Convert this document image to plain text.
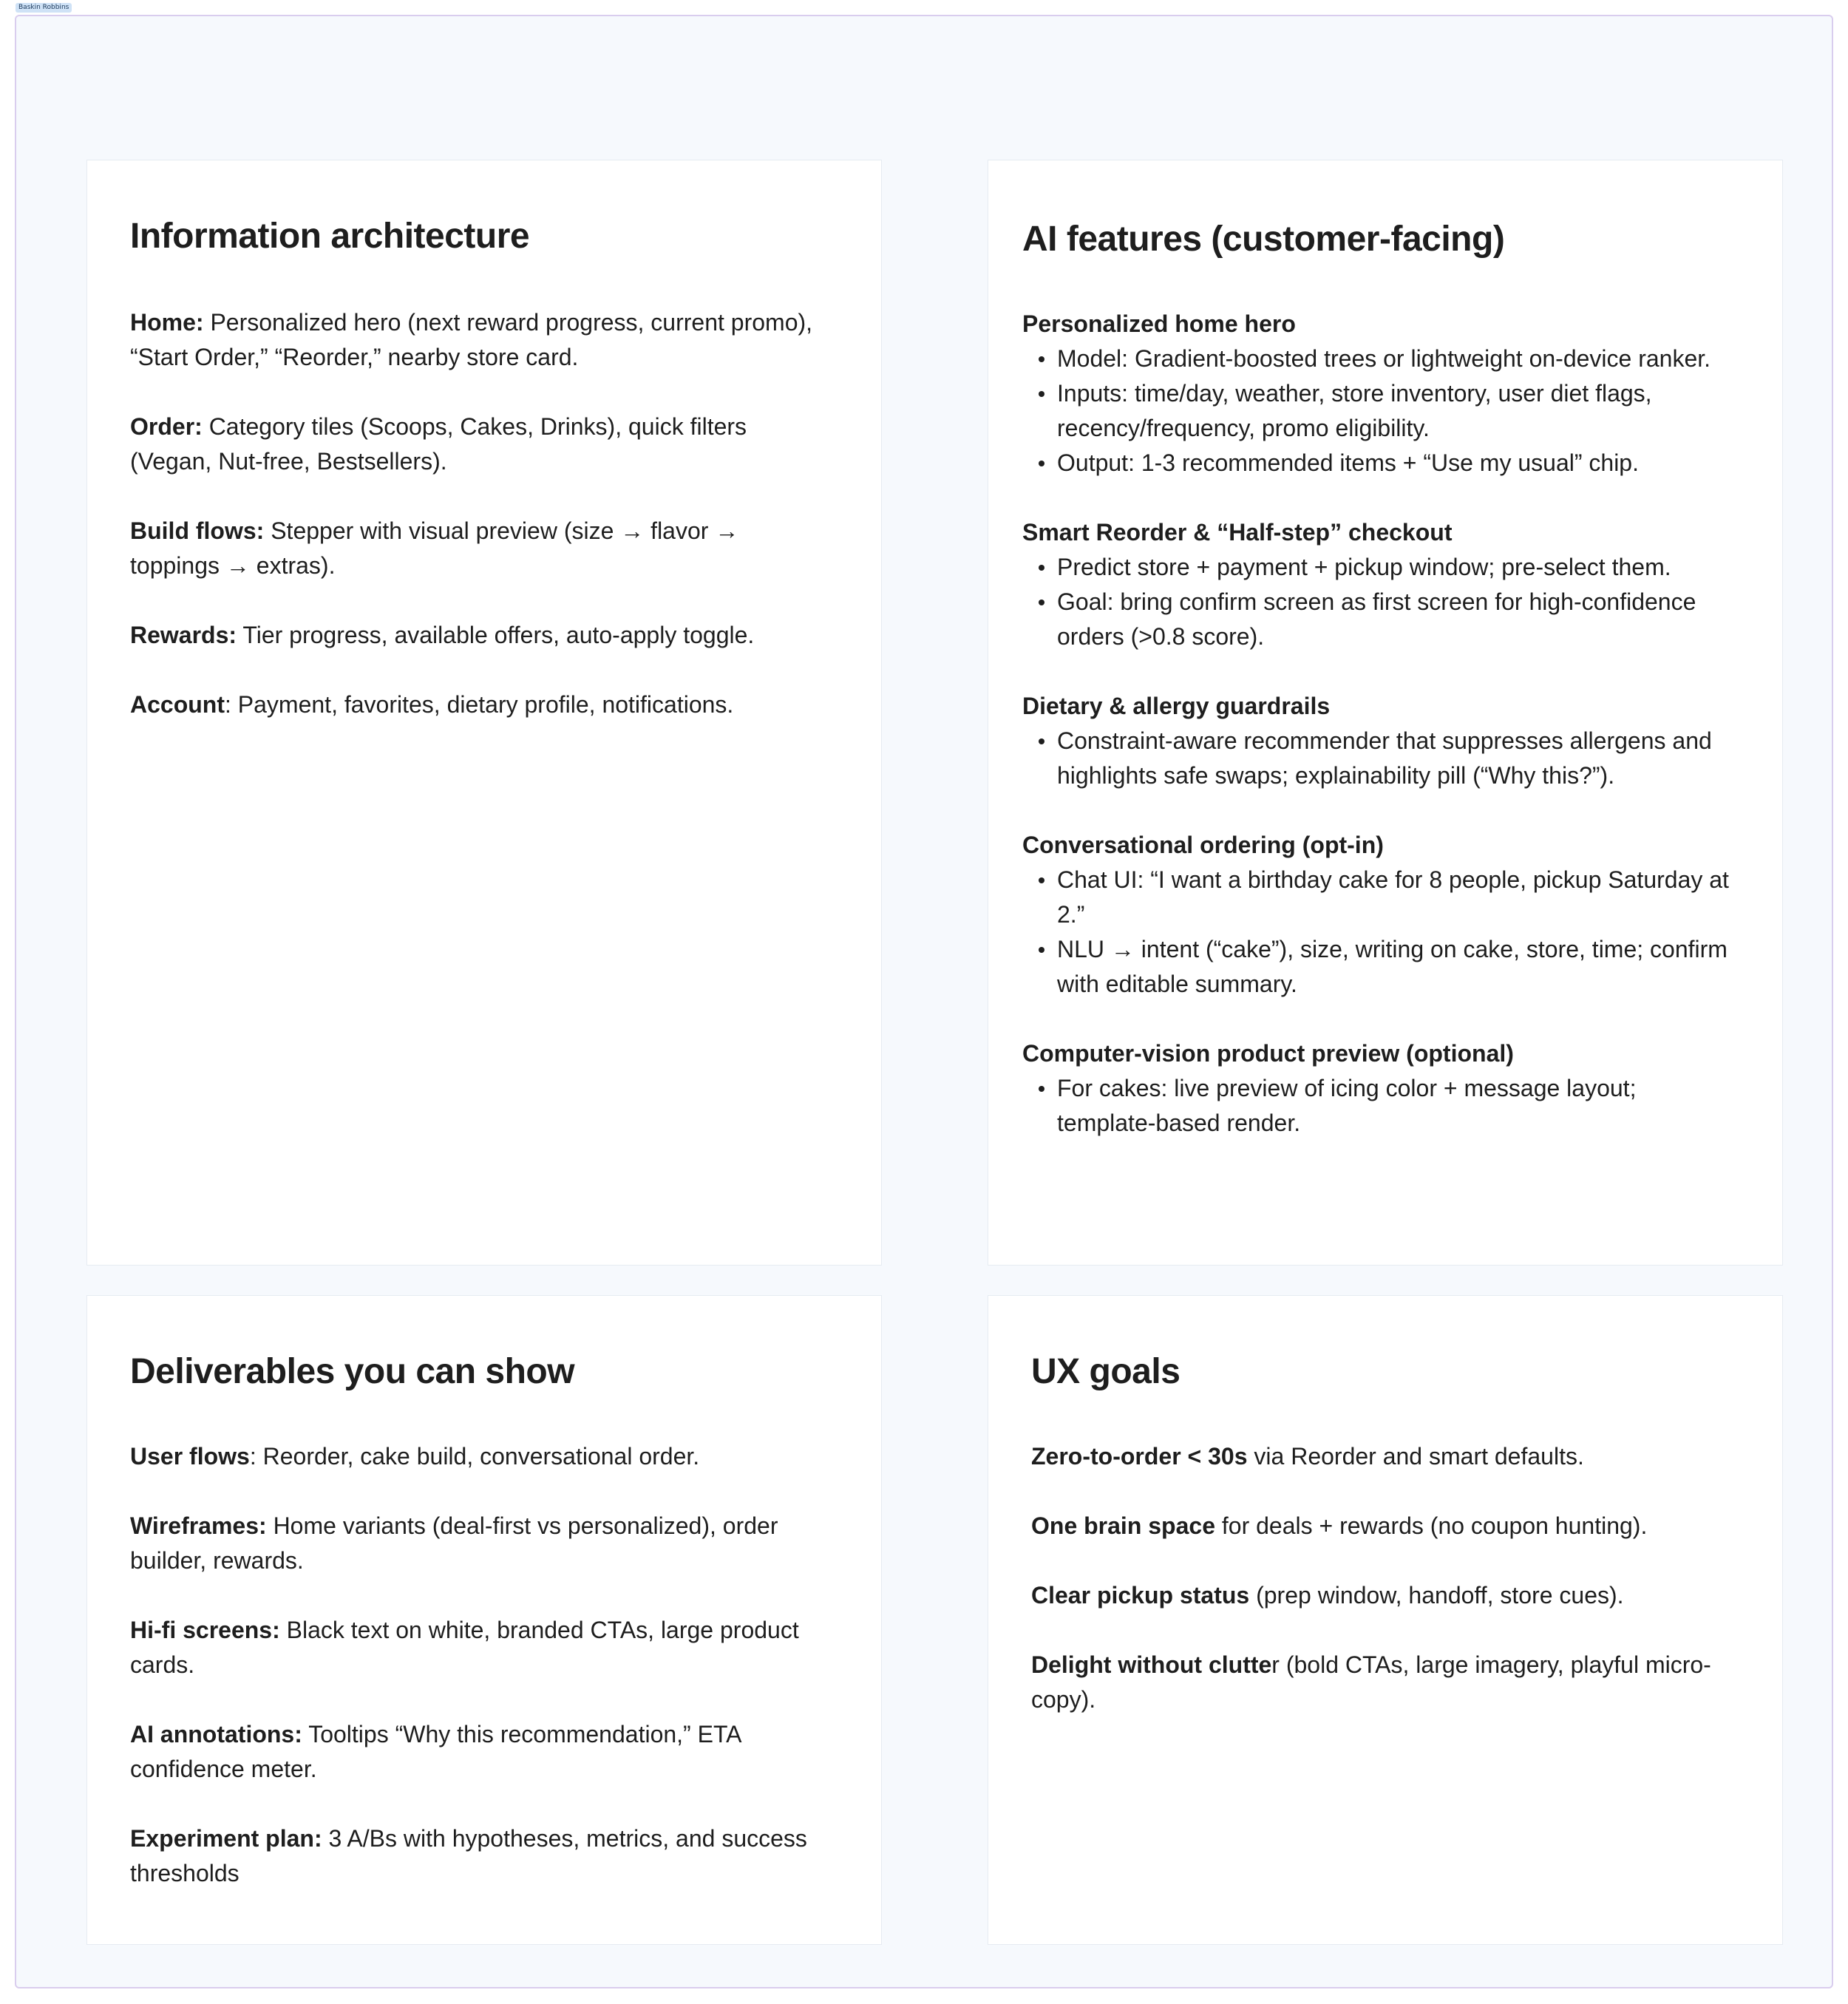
Baskin Robbins
Information architecture

Home: Personalized hero (next reward progress, current promo), “Start Order,” “Reorder,” nearby store card.

Order: Category tiles (Scoops, Cakes, Drinks), quick filters (Vegan, Nut-free, Bestsellers).

Build flows: Stepper with visual preview (size → flavor → toppings → extras).

Rewards: Tier progress, available offers, auto-apply toggle.

Account: Payment, favorites, dietary profile, notifications.

AI features (customer-facing)

Personalized home hero

Model: Gradient-boosted trees or lightweight on-device ranker.
Inputs: time/day, weather, store inventory, user diet flags, recency/frequency, promo eligibility.
Output: 1-3 recommended items + “Use my usual” chip.

Smart Reorder & “Half-step” checkout

Predict store + payment + pickup window; pre-select them.
Goal: bring confirm screen as first screen for high-confidence orders (>0.8 score).

Dietary & allergy guardrails

Constraint-aware recommender that suppresses allergens and highlights safe swaps; explainability pill (“Why this?”).

Conversational ordering (opt-in)

Chat UI: “I want a birthday cake for 8 people, pickup Saturday at 2.”
NLU → intent (“cake”), size, writing on cake, store, time; confirm with editable summary.

Computer-vision product preview (optional)

For cakes: live preview of icing color + message layout; template-based render.
Deliverables you can show

User flows: Reorder, cake build, conversational order.

Wireframes: Home variants (deal-first vs personalized), order builder, rewards.

Hi-fi screens: Black text on white, branded CTAs, large product cards.

AI annotations: Tooltips “Why this recommendation,” ETA confidence meter.

Experiment plan: 3 A/Bs with hypotheses, metrics, and success thresholds

UX goals

Zero-to-order < 30s via Reorder and smart defaults.

One brain space for deals + rewards (no coupon hunting).

Clear pickup status (prep window, handoff, store cues).

Delight without clutter (bold CTAs, large imagery, playful micro-copy).
